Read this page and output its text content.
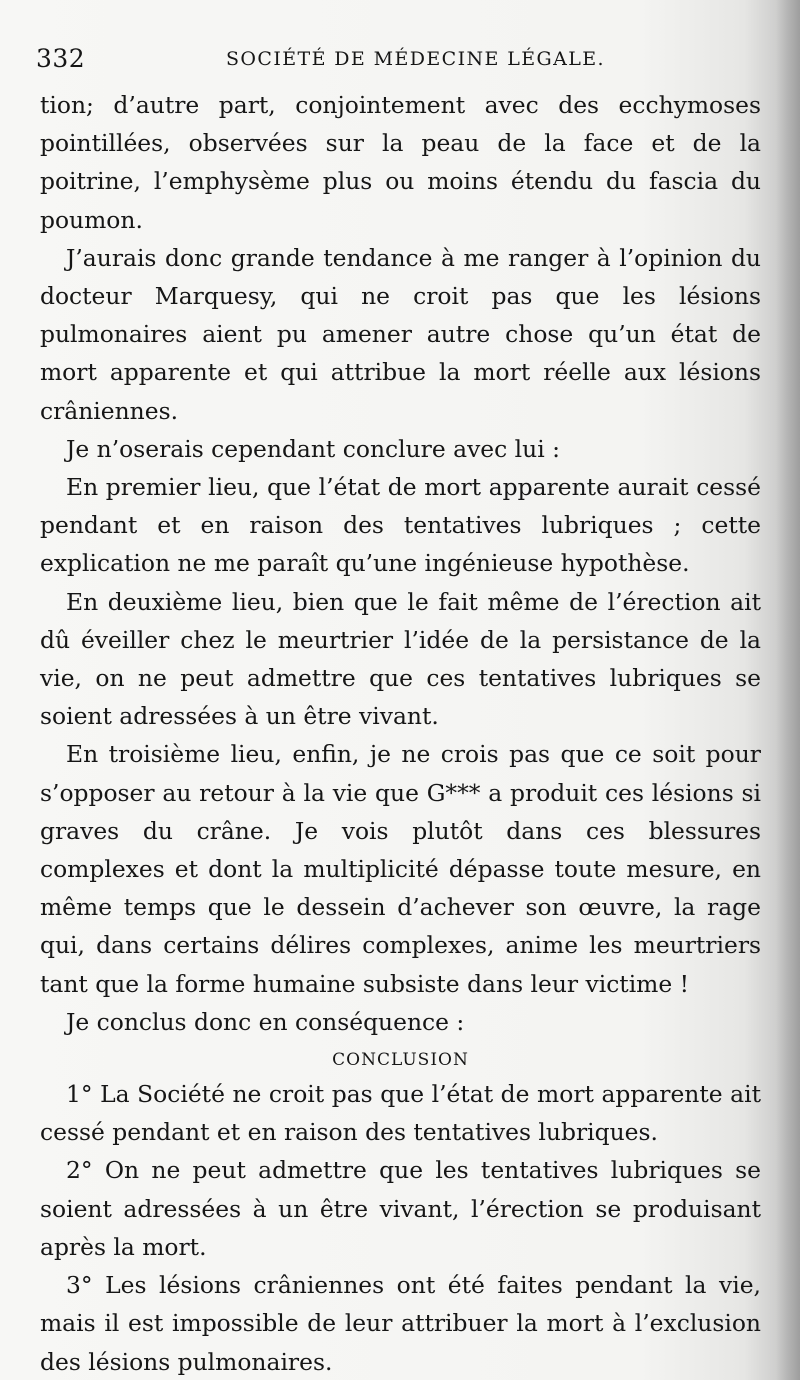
332	SOCIÉTÉ DE MÉDECINE LÉGALE.

tion; d’autre part, conjointement avec des ecchymoses pointillées, observées sur la peau de la face et de la poitrine, l’emphysème plus ou moins étendu du fascia du poumon.

J’aurais donc grande tendance à me ranger à l’opinion du docteur Marquesy, qui ne croit pas que les lésions pulmonaires aient pu amener autre chose qu’un état de mort apparente et qui attribue la mort réelle aux lésions crâniennes.

Je n’oserais cependant conclure avec lui :

En premier lieu, que l’état de mort apparente aurait cessé pendant et en raison des tentatives lubriques ; cette explication ne me paraît qu’une ingénieuse hypothèse.

En deuxième lieu, bien que le fait même de l’érection ait dû éveiller chez le meurtrier l’idée de la persistance de la vie, on ne peut admettre que ces tentatives lubriques se soient adressées à un être vivant.

En troisième lieu, enfin, je ne crois pas que ce soit pour s’opposer au retour à la vie que G*** a produit ces lésions si graves du crâne. Je vois plutôt dans ces blessures complexes et dont la multiplicité dépasse toute mesure, en même temps que le dessein d’achever son œuvre, la rage qui, dans certains délires complexes, anime les meurtriers tant que la forme humaine subsiste dans leur victime !

Je conclus donc en conséquence :

CONCLUSION

1° La Société ne croit pas que l’état de mort apparente ait cessé pendant et en raison des tentatives lubriques.

2° On ne peut admettre que les tentatives lubriques se soient adressées à un être vivant, l’érection se produisant après la mort.

3° Les lésions crâniennes ont été faites pendant la vie, mais il est impossible de leur attribuer la mort à l’exclusion des lésions pulmonaires.
